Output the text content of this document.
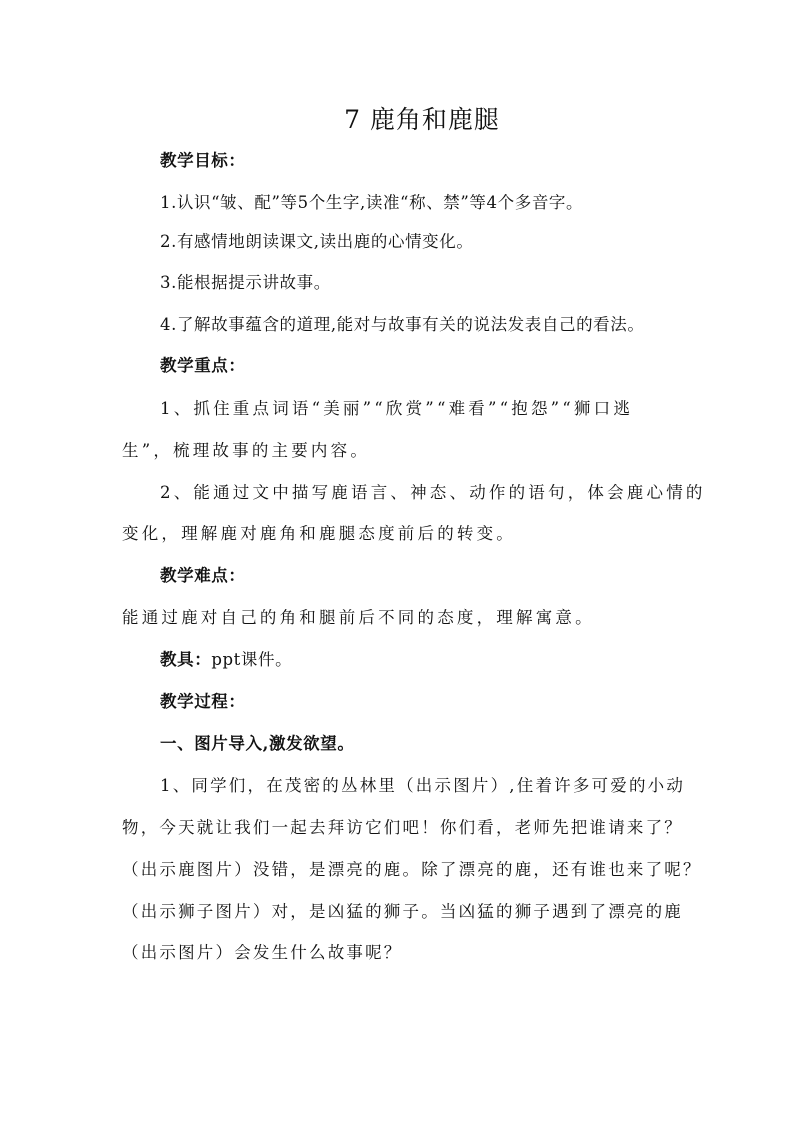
7 鹿角和鹿腿
教学目标：
1.认识“皱、配”等5个生字,读准“称、禁”等4个多音字。
2.有感情地朗读课文,读出鹿的心情变化。
3.能根据提示讲故事。
4.了解故事蕴含的道理,能对与故事有关的说法发表自己的看法。
教学重点：
1、抓住重点词语“美丽”“欣赏”“难看”“抱怨”“狮口逃
生”，梳理故事的主要内容。
2、能通过文中描写鹿语言、神态、动作的语句，体会鹿心情的
变化，理解鹿对鹿角和鹿腿态度前后的转变。
教学难点：
能通过鹿对自己的角和腿前后不同的态度，理解寓意。
教具：ppt课件。
教学过程：
一、图片导入,激发欲望。
1、同学们，在茂密的丛林里（出示图片）,住着许多可爱的小动
物，今天就让我们一起去拜访它们吧！你们看，老师先把谁请来了？
（出示鹿图片）没错，是漂亮的鹿。除了漂亮的鹿，还有谁也来了呢？
（出示狮子图片）对，是凶猛的狮子。当凶猛的狮子遇到了漂亮的鹿
（出示图片）会发生什么故事呢？
